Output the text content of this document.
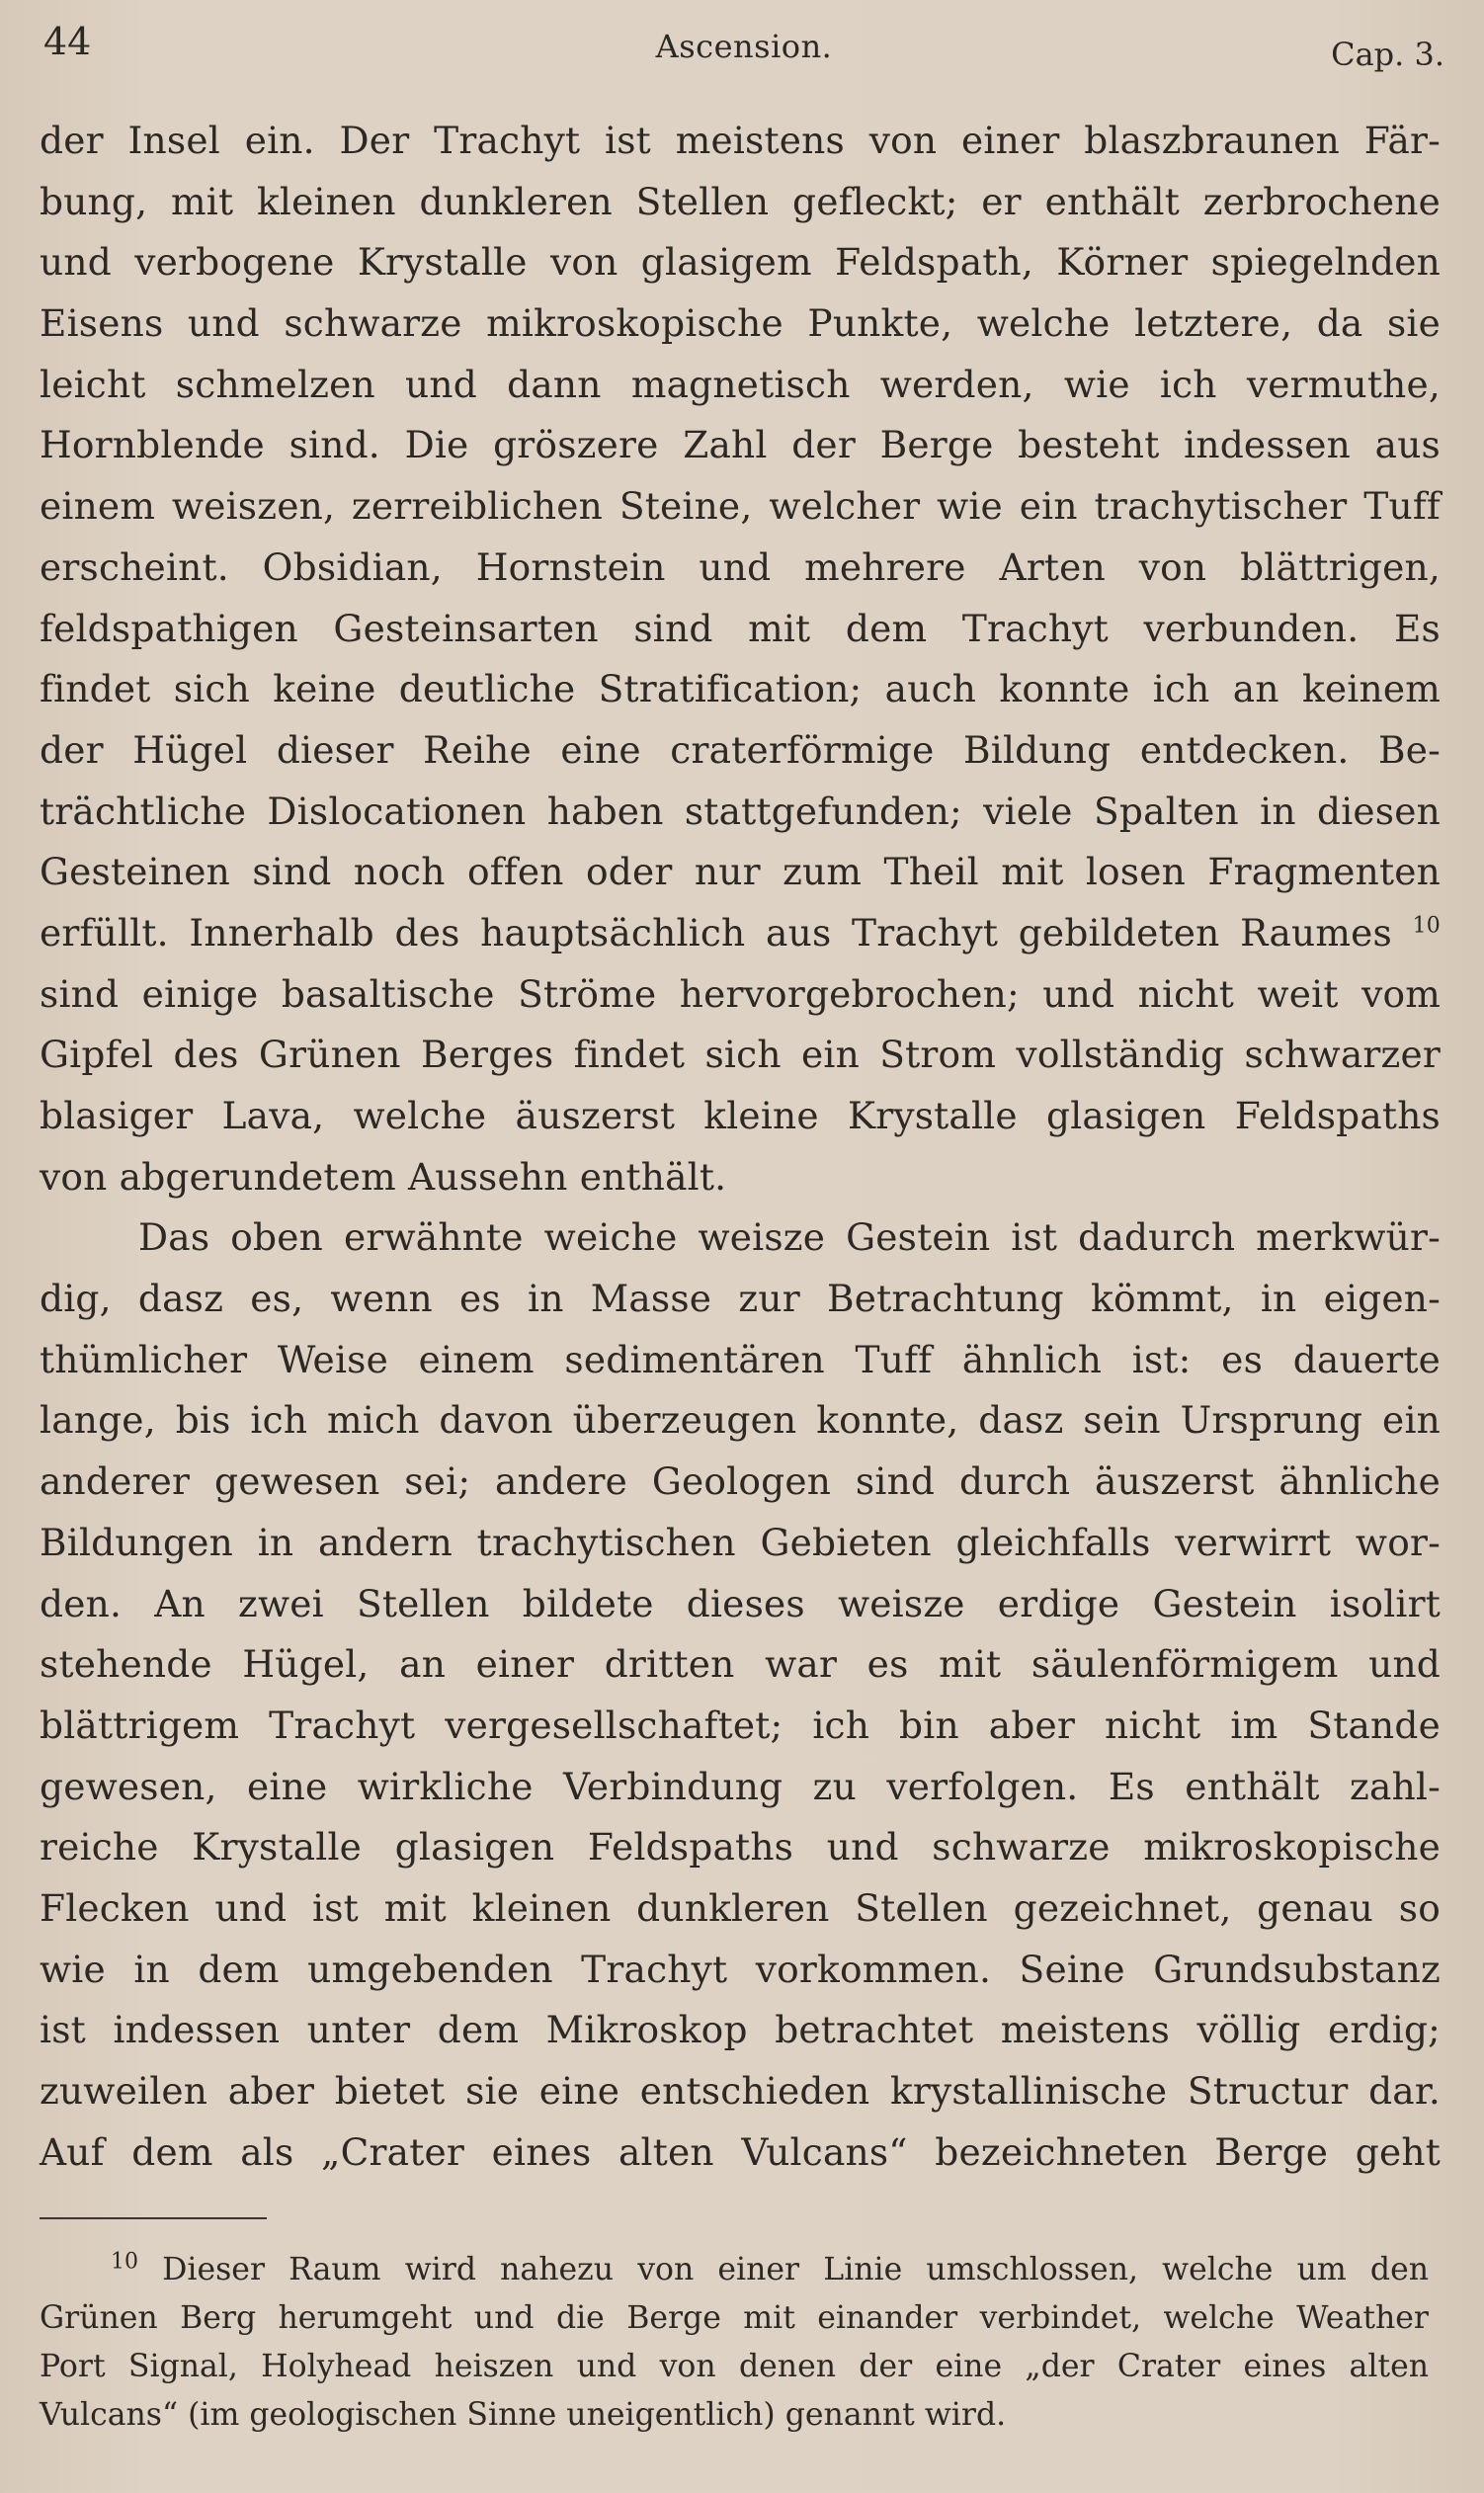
44	Ascension.	Cap. 3.
der Insel ein. Der Trachyt ist meistens von einer blaszbraunen Fär-
bung, mit kleinen dunkleren Stellen gefleckt; er enthält zerbrochene
und verbogene Krystalle von glasigem Feldspath, Körner spiegelnden
Eisens und schwarze mikroskopische Punkte, welche letztere, da sie
leicht schmelzen und dann magnetisch werden, wie ich vermuthe,
Hornblende sind. Die gröszere Zahl der Berge besteht indessen aus
einem weiszen, zerreiblichen Steine, welcher wie ein trachytischer Tuff
erscheint. Obsidian, Hornstein und mehrere Arten von blättrigen,
feldspathigen Gesteinsarten sind mit dem Trachyt verbunden. Es
findet sich keine deutliche Stratification; auch konnte ich an keinem
der Hügel dieser Reihe eine craterförmige Bildung entdecken. Be-
trächtliche Dislocationen haben stattgefunden; viele Spalten in diesen
Gesteinen sind noch offen oder nur zum Theil mit losen Fragmenten
erfüllt. Innerhalb des hauptsächlich aus Trachyt gebildeten Raumes $^{10}$
sind einige basaltische Ströme hervorgebrochen; und nicht weit vom
Gipfel des Grünen Berges findet sich ein Strom vollständig schwarzer
blasiger Lava, welche äuszerst kleine Krystalle glasigen Feldspaths
von abgerundetem Aussehn enthält.
Das oben erwähnte weiche weisze Gestein ist dadurch merkwür-
dig, dasz es, wenn es in Masse zur Betrachtung kömmt, in eigen-
thümlicher Weise einem sedimentären Tuff ähnlich ist: es dauerte
lange, bis ich mich davon überzeugen konnte, dasz sein Ursprung ein
anderer gewesen sei; andere Geologen sind durch äuszerst ähnliche
Bildungen in andern trachytischen Gebieten gleichfalls verwirrt wor-
den. An zwei Stellen bildete dieses weisze erdige Gestein isolirt
stehende Hügel, an einer dritten war es mit säulenförmigem und
blättrigem Trachyt vergesellschaftet; ich bin aber nicht im Stande
gewesen, eine wirkliche Verbindung zu verfolgen. Es enthält zahl-
reiche Krystalle glasigen Feldspaths und schwarze mikroskopische
Flecken und ist mit kleinen dunkleren Stellen gezeichnet, genau so
wie in dem umgebenden Trachyt vorkommen. Seine Grundsubstanz
ist indessen unter dem Mikroskop betrachtet meistens völlig erdig;
zuweilen aber bietet sie eine entschieden krystallinische Structur dar.
Auf dem als „Crater eines alten Vulcans“ bezeichneten Berge geht
$^{10}$ Dieser Raum wird nahezu von einer Linie umschlossen, welche um den
Grünen Berg herumgeht und die Berge mit einander verbindet, welche Weather
Port Signal, Holyhead heiszen und von denen der eine „der Crater eines alten
Vulcans“ (im geologischen Sinne uneigentlich) genannt wird.
